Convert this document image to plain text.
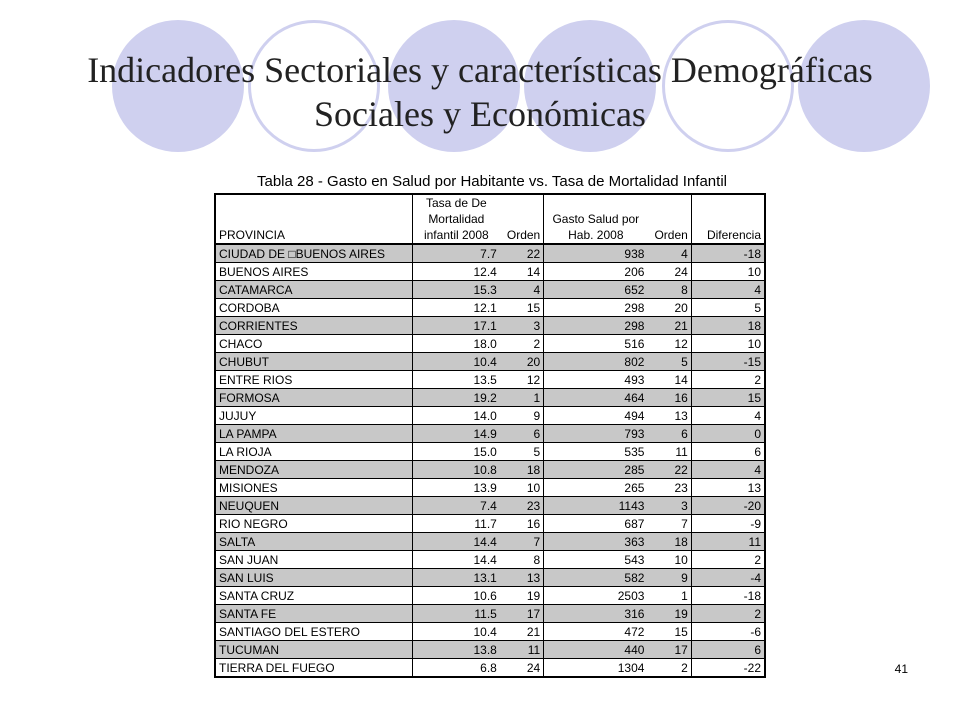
Indicadores Sectoriales y características Demográficas
Sociales y Económicas
Tabla 28 - Gasto en Salud por Habitante vs. Tasa de Mortalidad Infantil
	Tasa de De				
	Mortalidad		Gasto Salud por		
PROVINCIA	infantil 2008	Orden	Hab. 2008	Orden	Diferencia
CIUDAD DE □BUENOS AIRES	7.7	22	938	4	-18
BUENOS AIRES	12.4	14	206	24	10
CATAMARCA	15.3	4	652	8	4
CORDOBA	12.1	15	298	20	5
CORRIENTES	17.1	3	298	21	18
CHACO	18.0	2	516	12	10
CHUBUT	10.4	20	802	5	-15
ENTRE RIOS	13.5	12	493	14	2
FORMOSA	19.2	1	464	16	15
JUJUY	14.0	9	494	13	4
LA PAMPA	14.9	6	793	6	0
LA RIOJA	15.0	5	535	11	6
MENDOZA	10.8	18	285	22	4
MISIONES	13.9	10	265	23	13
NEUQUEN	7.4	23	1143	3	-20
RIO NEGRO	11.7	16	687	7	-9
SALTA	14.4	7	363	18	11
SAN JUAN	14.4	8	543	10	2
SAN LUIS	13.1	13	582	9	-4
SANTA CRUZ	10.6	19	2503	1	-18
SANTA FE	11.5	17	316	19	2
SANTIAGO DEL ESTERO	10.4	21	472	15	-6
TUCUMAN	13.8	11	440	17	6
TIERRA DEL FUEGO	6.8	24	1304	2	-22	41
